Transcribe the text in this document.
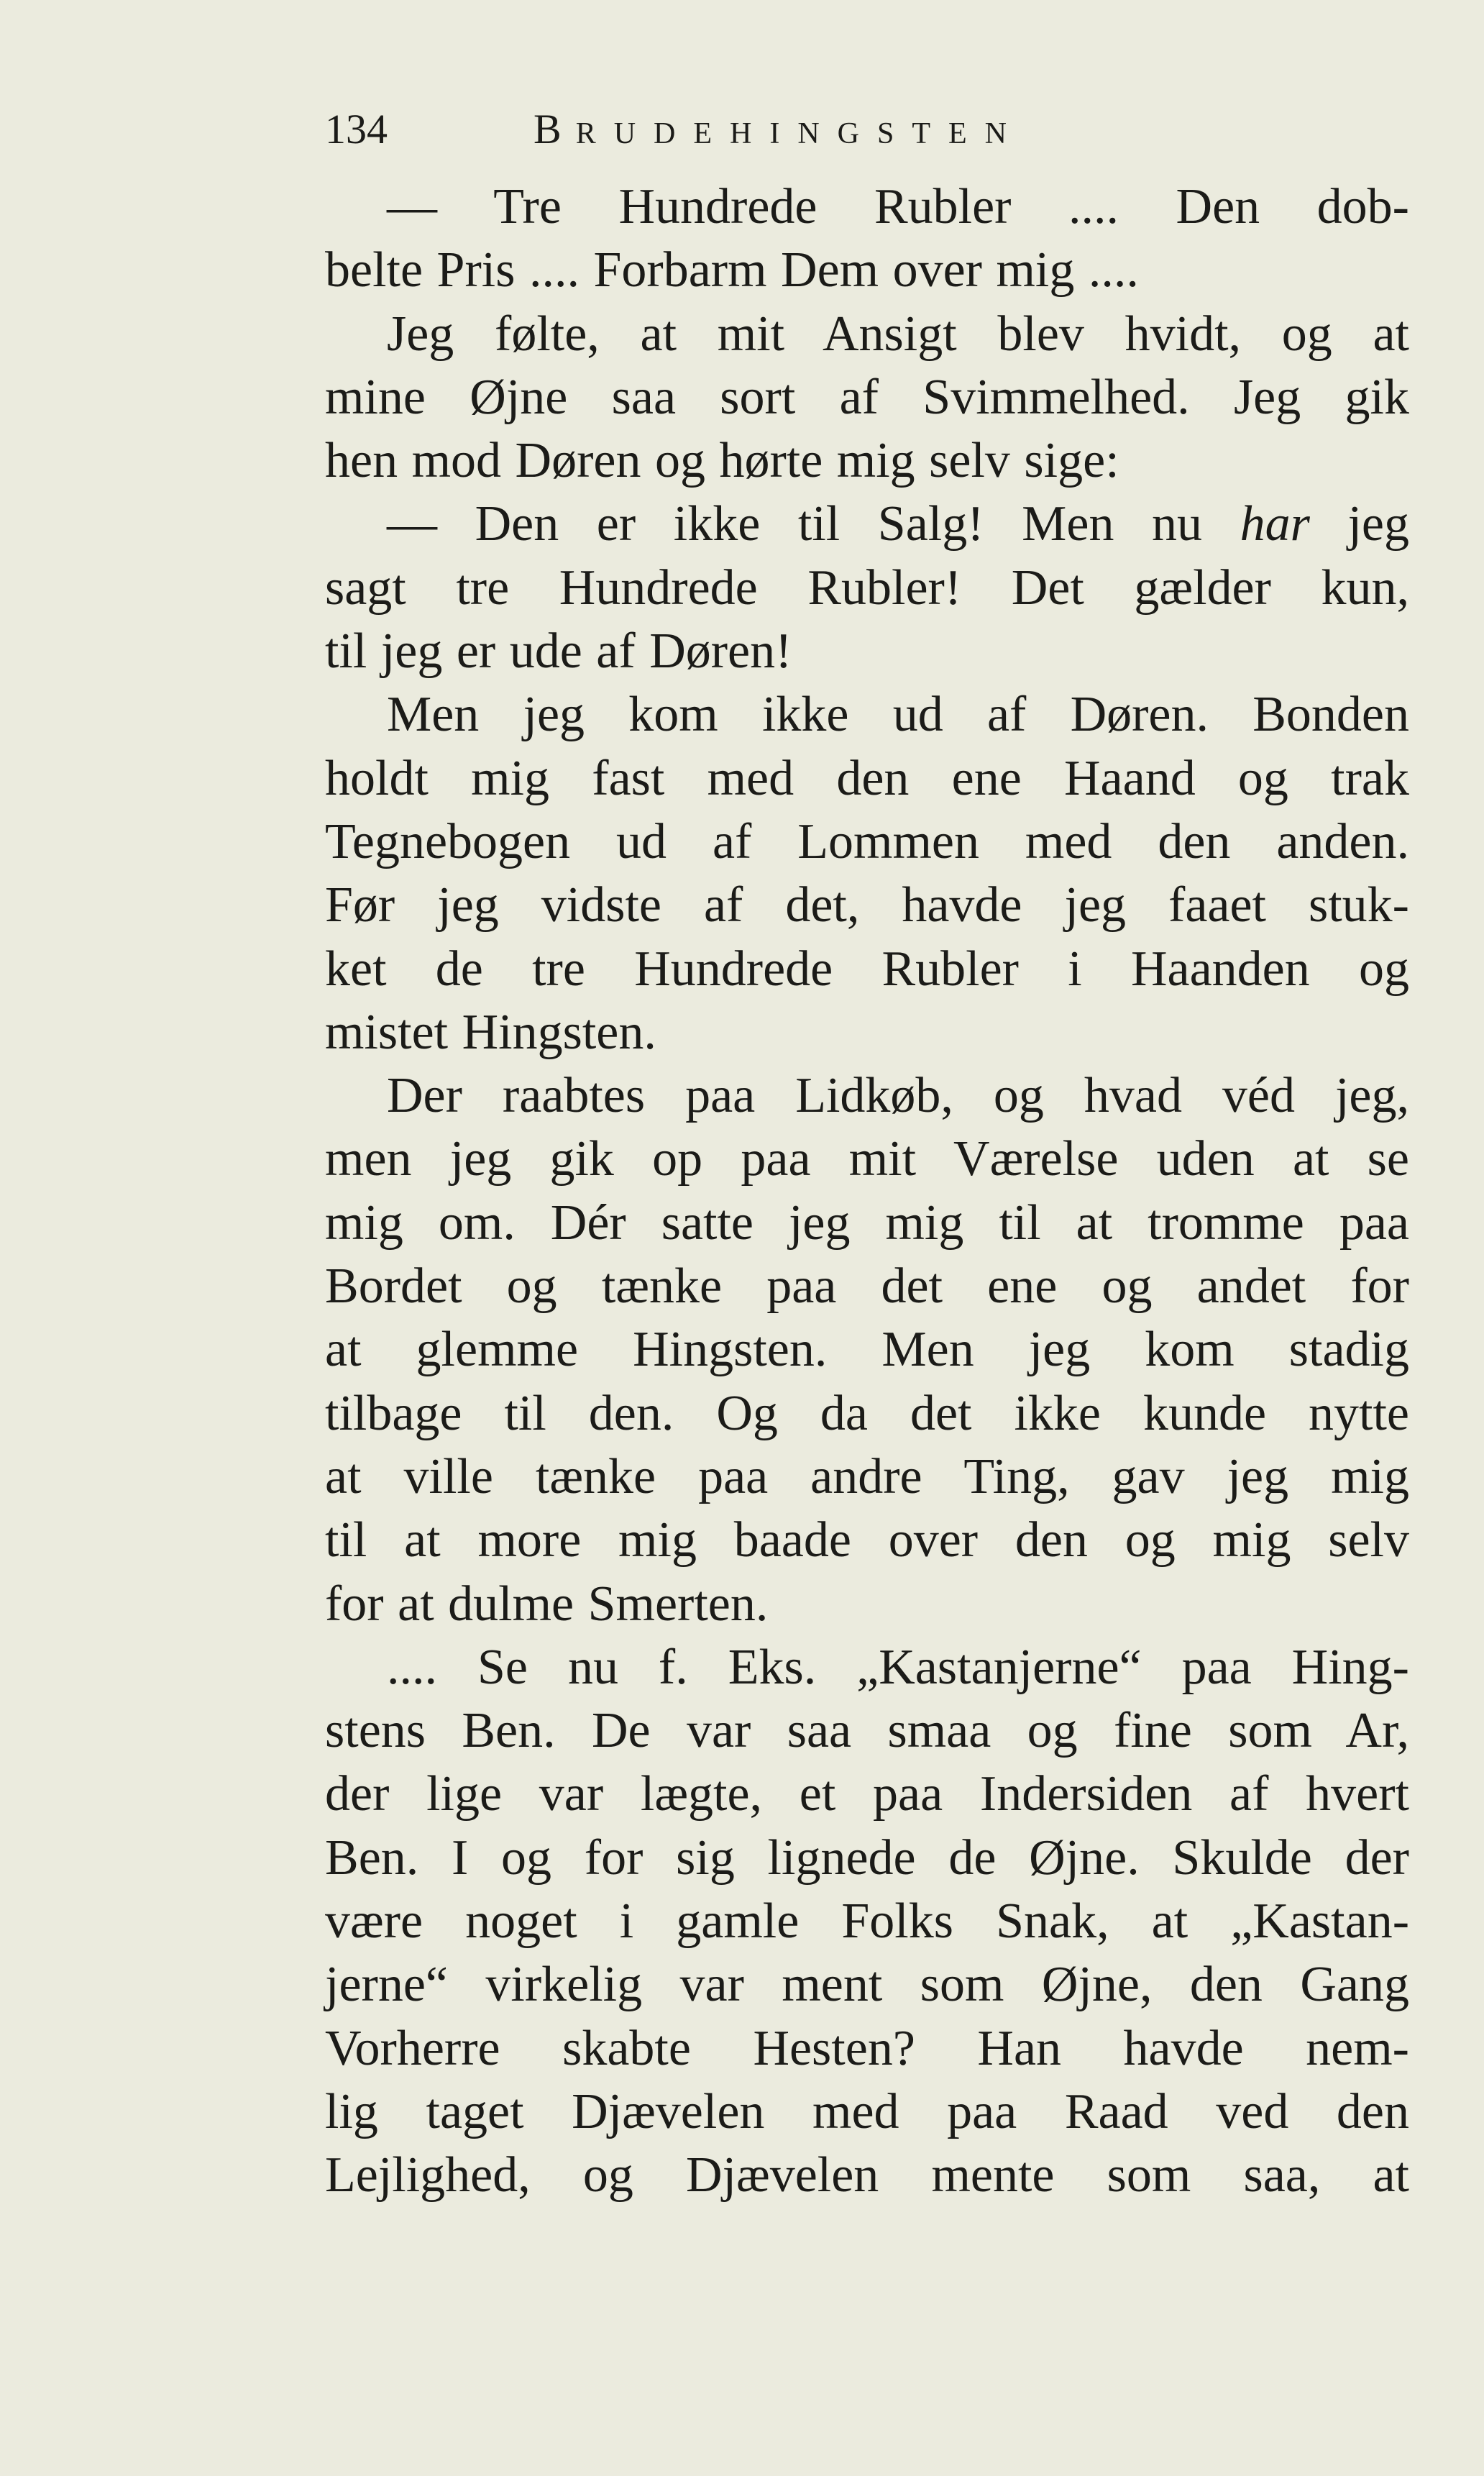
134	BRUDEHINGSTEN
— Tre Hundrede Rubler .... Den dob-
belte Pris .... Forbarm Dem over mig ....
Jeg følte, at mit Ansigt blev hvidt, og at
mine Øjne saa sort af Svimmelhed. Jeg gik
hen mod Døren og hørte mig selv sige:
— Den er ikke til Salg! Men nu har jeg
sagt tre Hundrede Rubler! Det gælder kun,
til jeg er ude af Døren!
Men jeg kom ikke ud af Døren. Bonden
holdt mig fast med den ene Haand og trak
Tegnebogen ud af Lommen med den anden.
Før jeg vidste af det, havde jeg faaet stuk-
ket de tre Hundrede Rubler i Haanden og
mistet Hingsten.
Der raabtes paa Lidkøb, og hvad véd jeg,
men jeg gik op paa mit Værelse uden at se
mig om. Dér satte jeg mig til at tromme paa
Bordet og tænke paa det ene og andet for
at glemme Hingsten. Men jeg kom stadig
tilbage til den. Og da det ikke kunde nytte
at ville tænke paa andre Ting, gav jeg mig
til at more mig baade over den og mig selv
for at dulme Smerten.
.... Se nu f. Eks. „Kastanjerne“ paa Hing-
stens Ben. De var saa smaa og fine som Ar,
der lige var lægte, et paa Indersiden af hvert
Ben. I og for sig lignede de Øjne. Skulde der
være noget i gamle Folks Snak, at „Kastan-
jerne“ virkelig var ment som Øjne, den Gang
Vorherre skabte Hesten? Han havde nem-
lig taget Djævelen med paa Raad ved den
Lejlighed, og Djævelen mente som saa, at
